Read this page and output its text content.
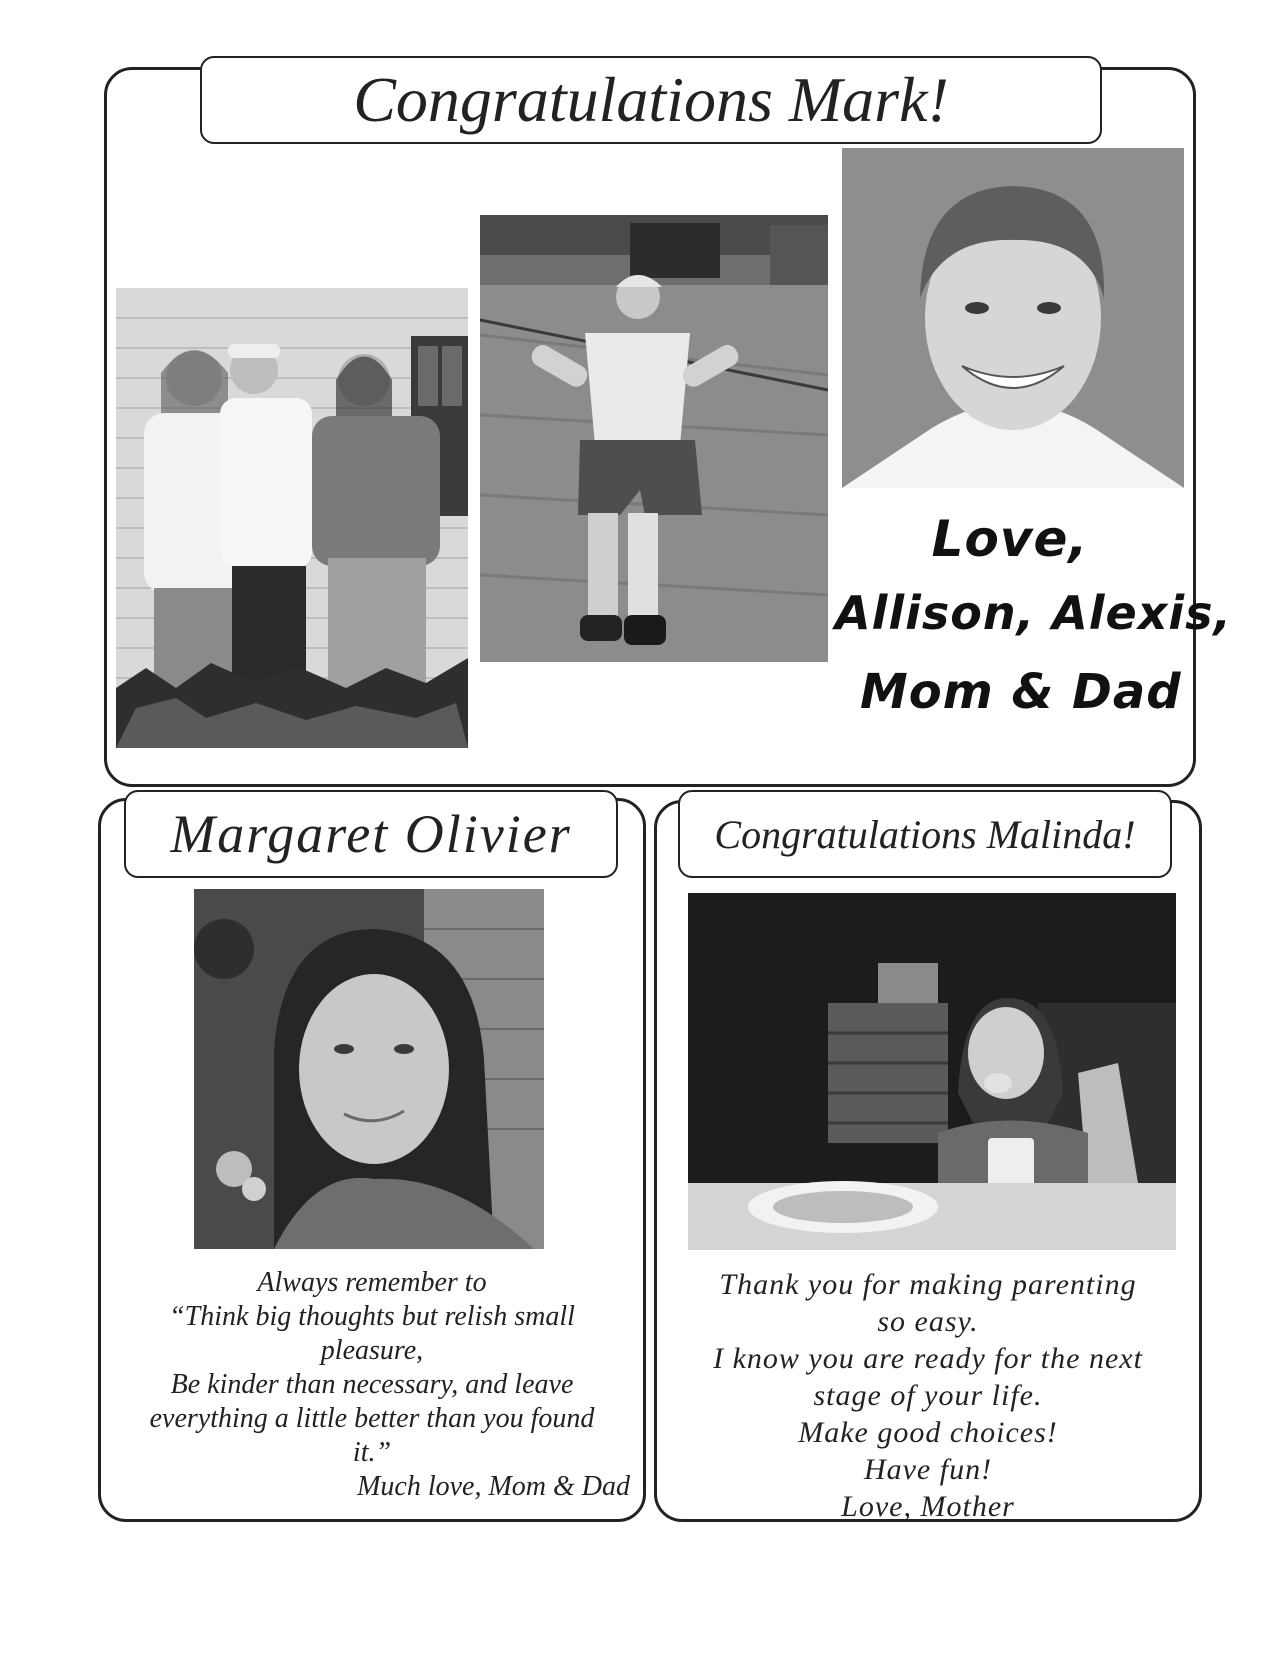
Congratulations Mark!
Love,
Allison, Alexis,
Mom & Dad
Margaret Olivier
Always remember to
“Think big thoughts but relish small
pleasure,
Be kinder than necessary, and leave
everything a little better than you found
it.”
Much love, Mom & Dad
Congratulations Malinda!
Thank you for making parenting
so easy.
I know you are ready for the next
stage of your life.
Make good choices!
Have fun!
Love, Mother
